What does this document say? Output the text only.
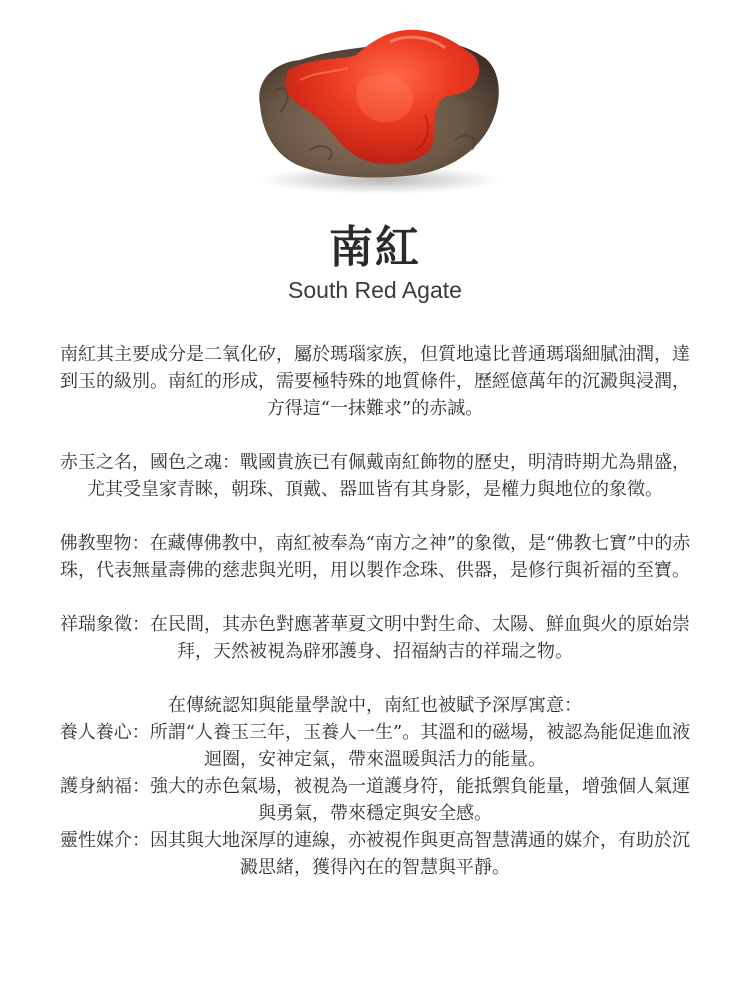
南紅
South Red Agate

南紅其主要成分是二氧化矽，屬於瑪瑙家族，但質地遠比普通瑪瑙細膩油潤，達到玉的級別。南紅的形成，需要極特殊的地質條件，歷經億萬年的沉澱與浸潤，方得這“一抹難求”的赤誠。

赤玉之名，國色之魂：戰國貴族已有佩戴南紅飾物的歷史，明清時期尤為鼎盛，尤其受皇家青睞，朝珠、頂戴、器皿皆有其身影，是權力與地位的象徵。

佛教聖物：在藏傳佛教中，南紅被奉為“南方之神”的象徵，是“佛教七寶”中的赤珠，代表無量壽佛的慈悲與光明，用以製作念珠、供器，是修行與祈福的至寶。

祥瑞象徵：在民間，其赤色對應著華夏文明中對生命、太陽、鮮血與火的原始崇拜，天然被視為辟邪護身、招福納吉的祥瑞之物。

在傳統認知與能量學說中，南紅也被賦予深厚寓意：

養人養心：所謂“人養玉三年，玉養人一生”。其溫和的磁場，被認為能促進血液迴圈，安神定氣，帶來溫暖與活力的能量。

護身納福：強大的赤色氣場，被視為一道護身符，能抵禦負能量，增強個人氣運與勇氣，帶來穩定與安全感。

靈性媒介：因其與大地深厚的連線，亦被視作與更高智慧溝通的媒介，有助於沉澱思緒，獲得內在的智慧與平靜。
